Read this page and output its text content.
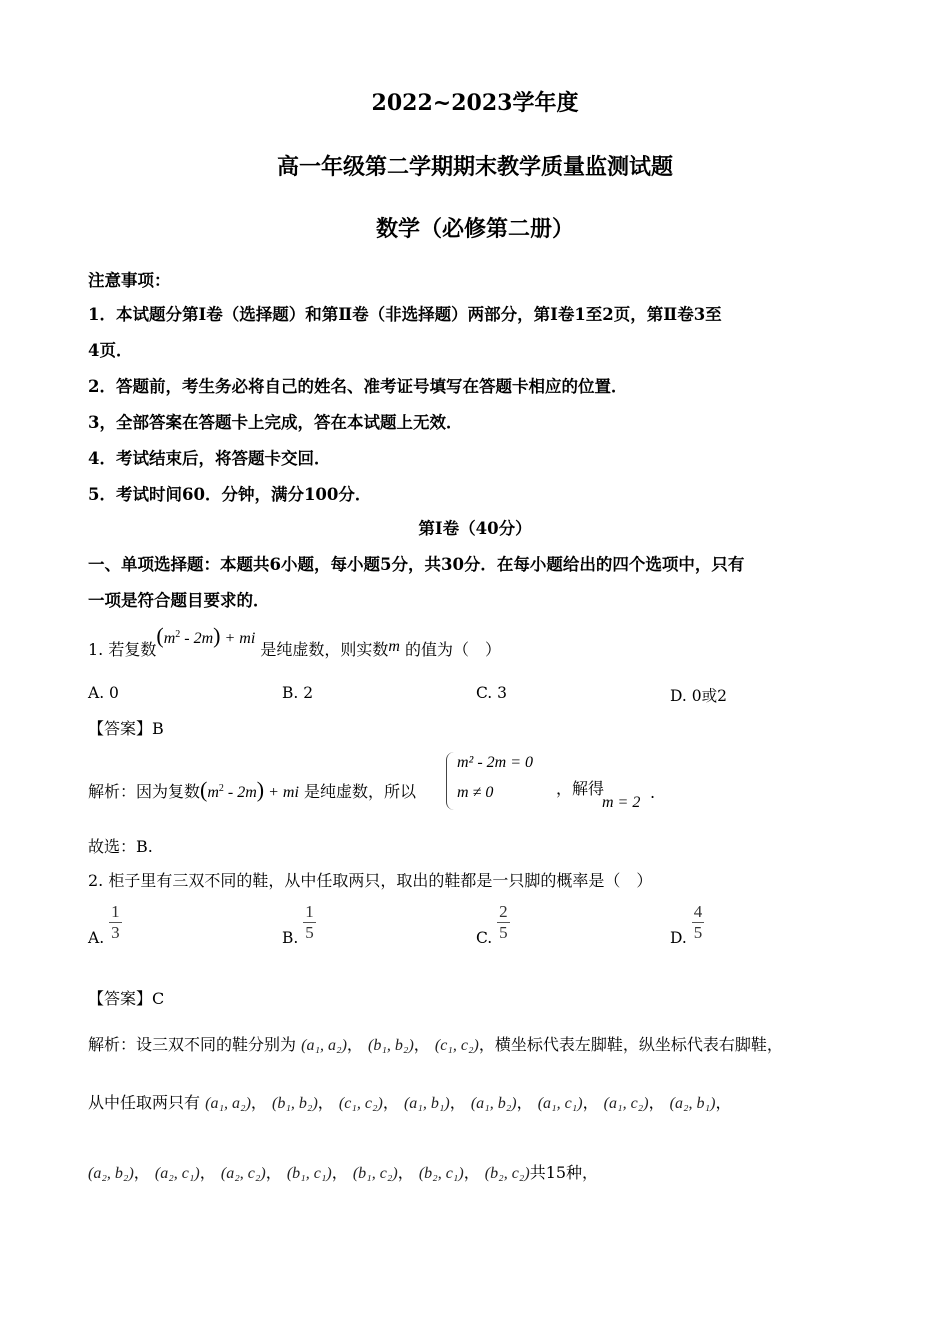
2022~2023学年度
高一年级第二学期期末教学质量监测试题
数学（必修第二册）
注意事项：
1．本试题分第Ⅰ卷（选择题）和第Ⅱ卷（非选择题）两部分，第Ⅰ卷1至2页，第Ⅱ卷3至
4页．
2．答题前，考生务必将自己的姓名、准考证号填写在答题卡相应的位置．
3，全部答案在答题卡上完成，答在本试题上无效．
4．考试结束后，将答题卡交回．
5．考试时间60．分钟，满分100分．
第Ⅰ卷（40分）
一、单项选择题：本题共6小题，每小题5分，共30分．在每小题给出的四个选项中，只有
一项是符合题目要求的．
1. 若复数$(m^2 - 2m)$ + mi 是纯虚数，则实数m 的值为（　）
A. 0	B. 2	C. 3	D. 0或2
【答案】B
解析：因为复数$(m^2 - 2m)$ + mi 是纯虚数，所以
m² - 2m = 0
m ≠ 0	，解得
m = 2
.
故选：B.
2. 柜子里有三双不同的鞋，从中任取两只，取出的鞋都是一只脚的概率是（　）
A. $\frac{1}{3}$	B. $\frac{1}{5}$	C. $\frac{2}{5}$	D. $\frac{4}{5}$
【答案】C
解析：设三双不同的鞋分别为 (a₁, a₂)， (b₁, b₂)， (c₁, c₂)，横坐标代表左脚鞋，纵坐标代表右脚鞋，
从中任取两只有 (a₁, a₂)， (b₁, b₂)， (c₁, c₂)， (a₁, b₁)， (a₁, b₂)， (a₁, c₁)， (a₁, c₂)， (a₂, b₁)，
(a₂, b₂)， (a₂, c₁)， (a₂, c₂)， (b₁, c₁)， (b₁, c₂)， (b₂, c₁)， (b₂, c₂)共15种，
